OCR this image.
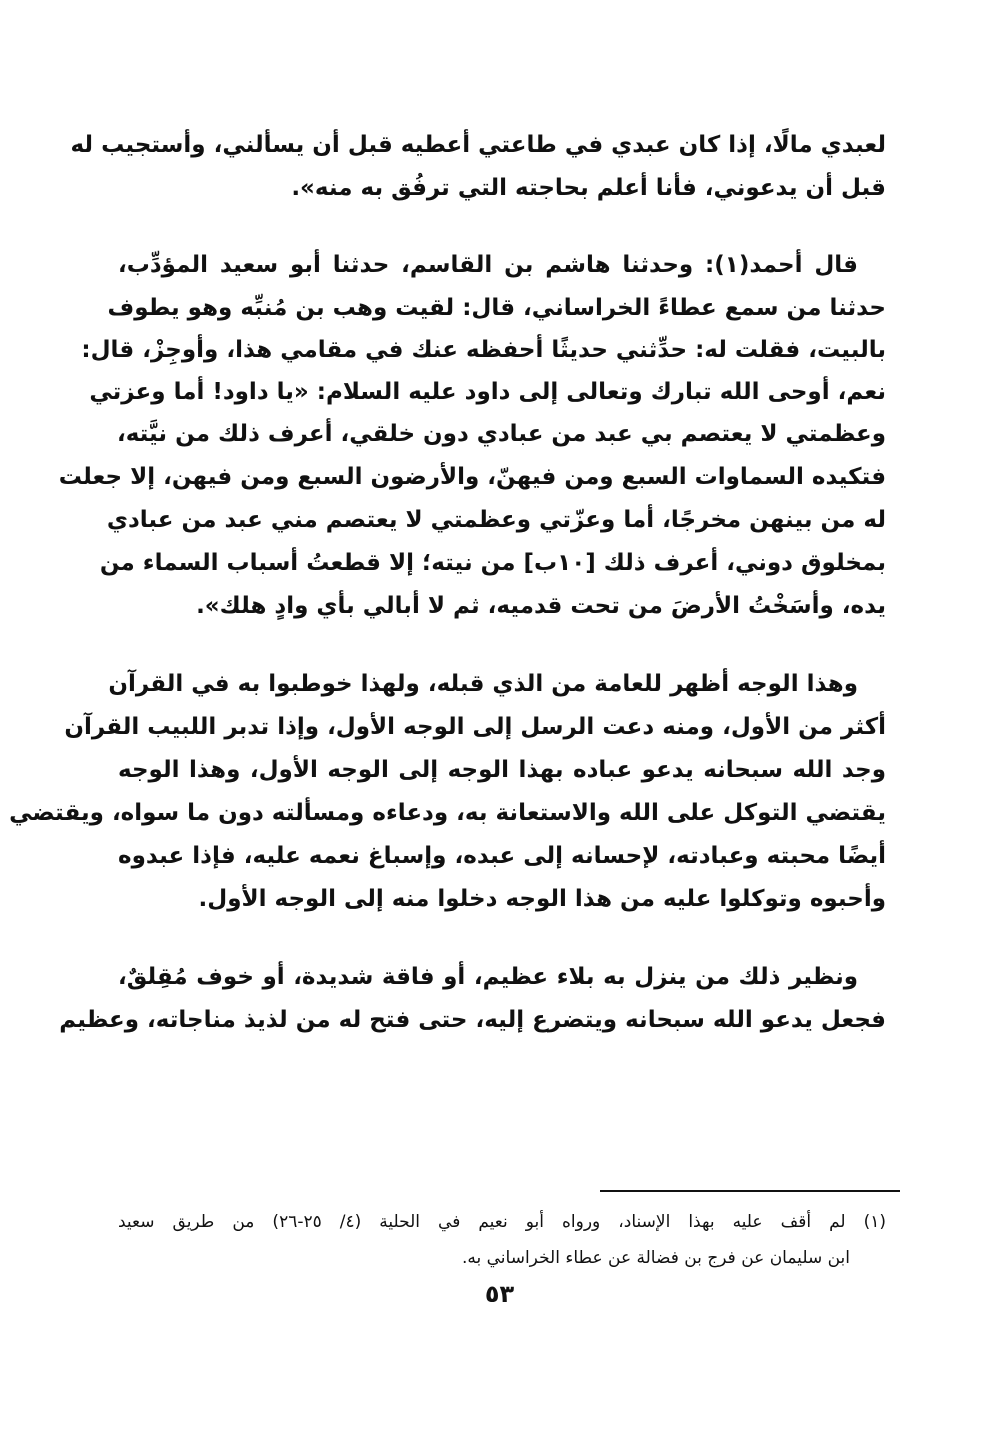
لعبدي مالًا، إذا كان عبدي في طاعتي أعطيه قبل أن يسألني، وأستجيب له
قبل أن يدعوني، فأنا أعلم بحاجته التي ترفُق به منه».
قال أحمد(١): وحدثنا هاشم بن القاسم، حدثنا أبو سعيد المؤدِّب،
حدثنا من سمع عطاءً الخراساني، قال: لقيت وهب بن مُنبِّه وهو يطوف
بالبيت، فقلت له: حدِّثني حديثًا أحفظه عنك في مقامي هذا، وأوجِزْ، قال:
نعم، أوحى الله تبارك وتعالى إلى داود عليه السلام: «يا داود! أما وعزتي
وعظمتي لا يعتصم بي عبد من عبادي دون خلقي، أعرف ذلك من نيَّته،
فتكيده السماوات السبع ومن فيهنّ، والأرضون السبع ومن فيهن، إلا جعلت
له من بينهن مخرجًا، أما وعزّتي وعظمتي لا يعتصم مني عبد من عبادي
بمخلوق دوني، أعرف ذلك [١٠ب] من نيته؛ إلا قطعتُ أسباب السماء من
يده، وأسَخْتُ الأرضَ من تحت قدميه، ثم لا أبالي بأي وادٍ هلك».
وهذا الوجه أظهر للعامة من الذي قبله، ولهذا خوطبوا به في القرآن
أكثر من الأول، ومنه دعت الرسل إلى الوجه الأول، وإذا تدبر اللبيب القرآن
وجد الله سبحانه يدعو عباده بهذا الوجه إلى الوجه الأول، وهذا الوجه
يقتضي التوكل على الله والاستعانة به، ودعاءه ومسألته دون ما سواه، ويقتضي
أيضًا محبته وعبادته، لإحسانه إلى عبده، وإسباغ نعمه عليه، فإذا عبدوه
وأحبوه وتوكلوا عليه من هذا الوجه دخلوا منه إلى الوجه الأول.
ونظير ذلك من ينزل به بلاء عظيم، أو فاقة شديدة، أو خوف مُقِلقٌ،
فجعل يدعو الله سبحانه ويتضرع إليه، حتى فتح له من لذيذ مناجاته، وعظيم
(١) لم أقف عليه بهذا الإسناد، ورواه أبو نعيم في الحلية (٤/ ٢٥-٢٦) من طريق سعيد
ابن سليمان عن فرج بن فضالة عن عطاء الخراساني به.
٥٣
